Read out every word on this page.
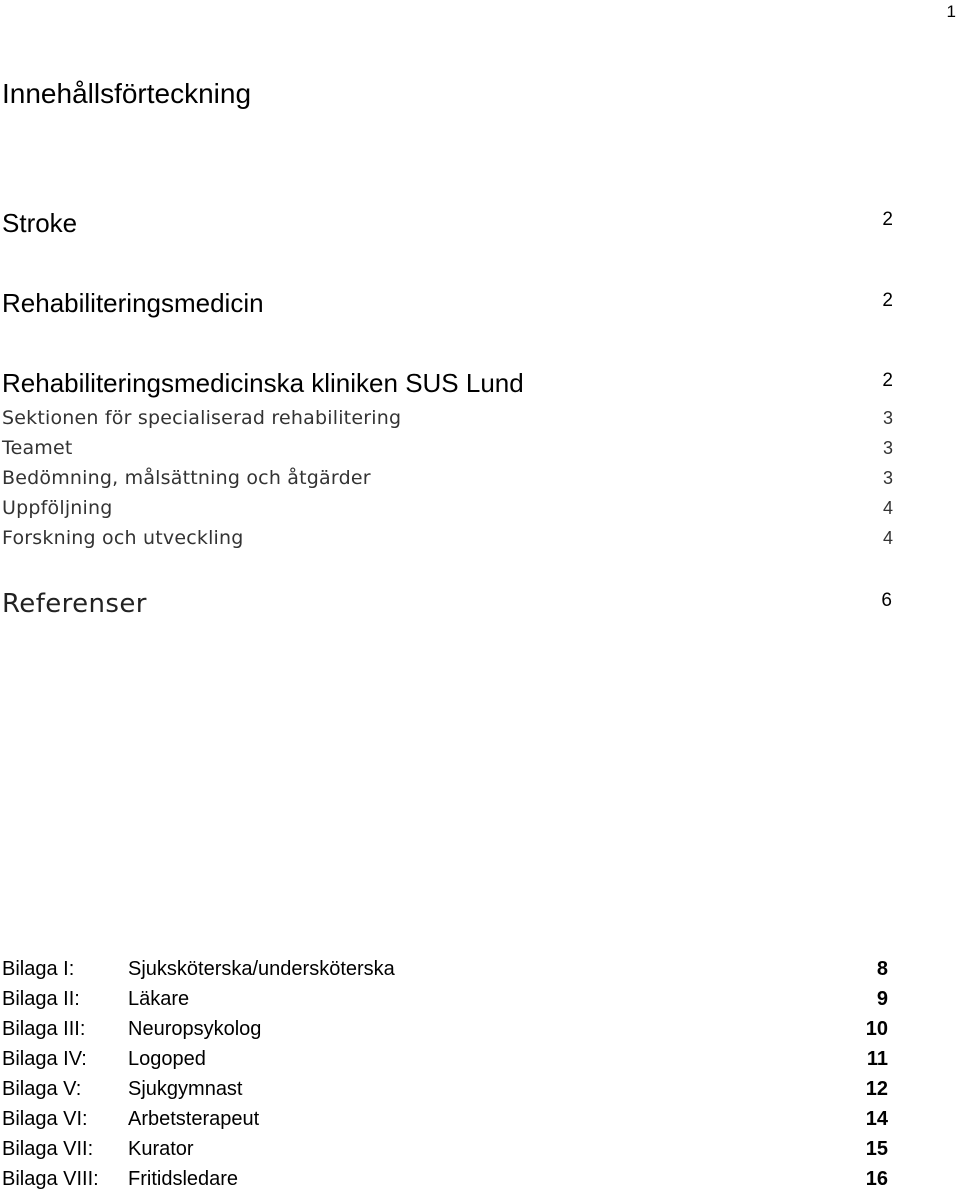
1
Innehållsförteckning
Stroke	2
Rehabiliteringsmedicin	2
Rehabiliteringsmedicinska kliniken SUS Lund	2
Sektionen för specialiserad rehabilitering	3
Teamet	3
Bedömning, målsättning och åtgärder	3
Uppföljning	4
Forskning och utveckling	4
Referenser	6
Bilaga I:	Sjuksköterska/undersköterska	8
Bilaga II: Läkare	9
Bilaga III: Neuropsykolog	10
Bilaga IV: Logoped	11
Bilaga V: Sjukgymnast	12
Bilaga VI: Arbetsterapeut	14
Bilaga VII: Kurator	15
Bilaga VIII: Fritidsledare	16
